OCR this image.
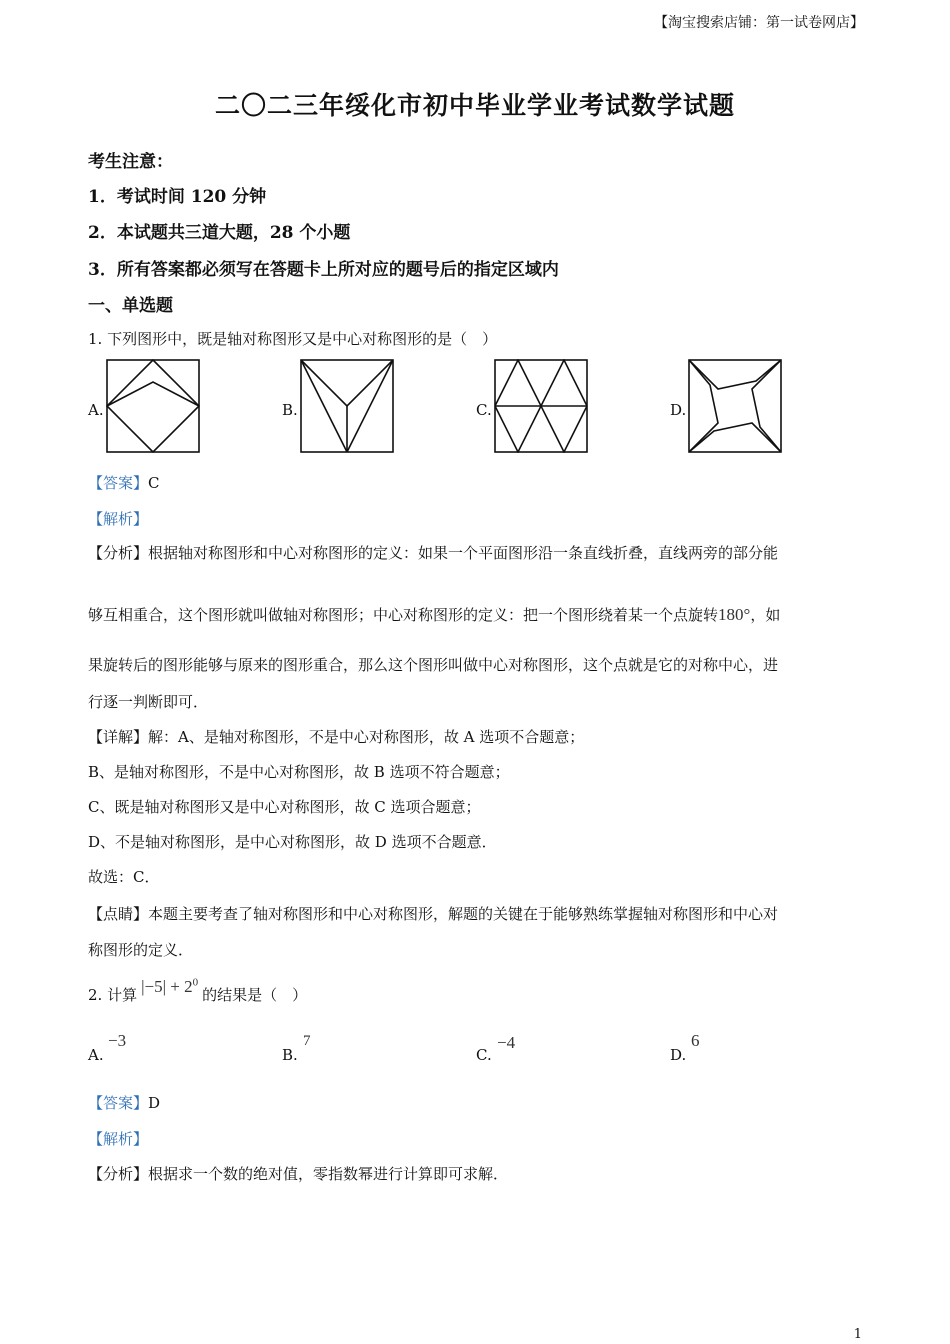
【淘宝搜索店铺：第一试卷网店】
二〇二三年绥化市初中毕业学业考试数学试题
考生注意：
1．考试时间 120 分钟
2．本试题共三道大题，28 个小题
3．所有答案都必须写在答题卡上所对应的题号后的指定区域内
一、单选题
1. 下列图形中，既是轴对称图形又是中心对称图形的是（　）
A.	B.	C.	D.
【答案】C
【解析】
【分析】根据轴对称图形和中心对称图形的定义：如果一个平面图形沿一条直线折叠，直线两旁的部分能
够互相重合，这个图形就叫做轴对称图形；中心对称图形的定义：把一个图形绕着某一个点旋转180°，如
果旋转后的图形能够与原来的图形重合，那么这个图形叫做中心对称图形，这个点就是它的对称中心，进
行逐一判断即可．
【详解】解：A、是轴对称图形，不是中心对称图形，故 A 选项不合题意；
B、是轴对称图形，不是中心对称图形，故 B 选项不符合题意；
C、既是轴对称图形又是中心对称图形，故 C 选项合题意；
D、不是轴对称图形，是中心对称图形，故 D 选项不合题意．
故选：C．
【点睛】本题主要考查了轴对称图形和中心对称图形，解题的关键在于能够熟练掌握轴对称图形和中心对
称图形的定义．
2. 计算 $|-5| + 2^0$的结果是（　）
A.
−3
B.
7
C.
−4
D.
6
【答案】D
【解析】
【分析】根据求一个数的绝对值，零指数幂进行计算即可求解．
1
